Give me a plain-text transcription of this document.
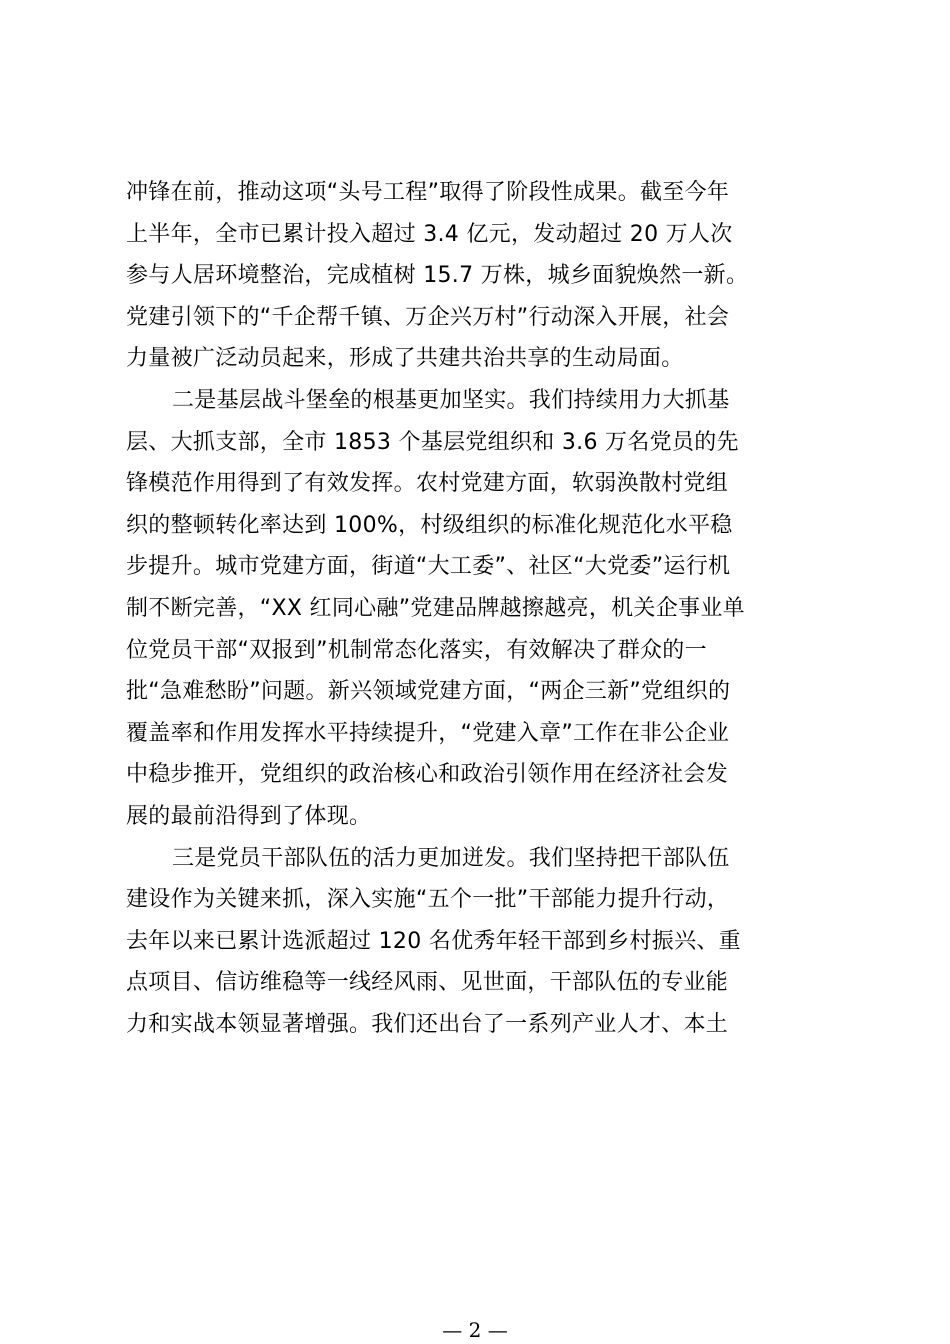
冲锋在前，推动这项“头号工程”取得了阶段性成果。截至今年
上半年，全市已累计投入超过 3.4 亿元，发动超过 20 万人次
参与人居环境整治，完成植树 15.7 万株，城乡面貌焕然一新。
党建引领下的“千企帮千镇、万企兴万村”行动深入开展，社会
力量被广泛动员起来，形成了共建共治共享的生动局面。
二是基层战斗堡垒的根基更加坚实。我们持续用力大抓基
层、大抓支部，全市 1853 个基层党组织和 3.6 万名党员的先
锋模范作用得到了有效发挥。农村党建方面，软弱涣散村党组
织的整顿转化率达到 100%，村级组织的标准化规范化水平稳
步提升。城市党建方面，街道“大工委”、社区“大党委”运行机
制不断完善，“XX 红同心融”党建品牌越擦越亮，机关企事业单
位党员干部“双报到”机制常态化落实，有效解决了群众的一
批“急难愁盼”问题。新兴领域党建方面，“两企三新”党组织的
覆盖率和作用发挥水平持续提升，“党建入章”工作在非公企业
中稳步推开，党组织的政治核心和政治引领作用在经济社会发
展的最前沿得到了体现。
三是党员干部队伍的活力更加迸发。我们坚持把干部队伍
建设作为关键来抓，深入实施“五个一批”干部能力提升行动，
去年以来已累计选派超过 120 名优秀年轻干部到乡村振兴、重
点项目、信访维稳等一线经风雨、见世面，干部队伍的专业能
力和实战本领显著增强。我们还出台了一系列产业人才、本土
— 2 —
